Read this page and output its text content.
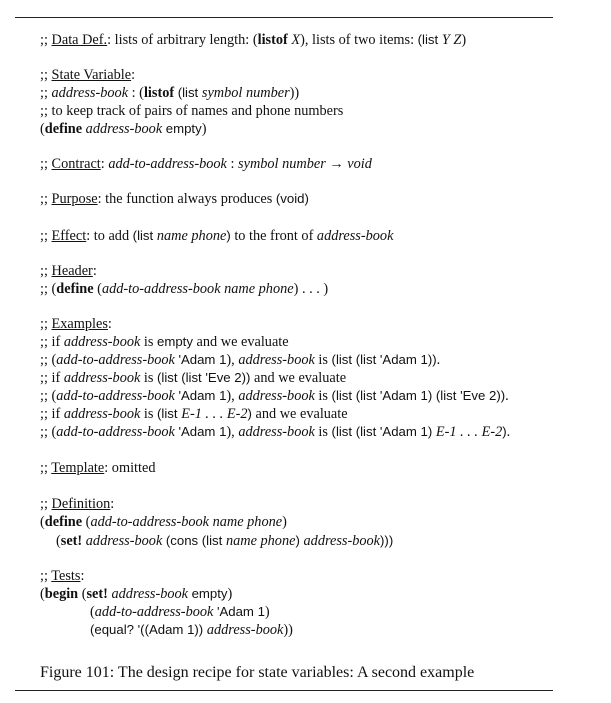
;; Data Def.: lists of arbitrary length: (listof X), lists of two items: (list Y Z)
;; State Variable:
;; address-book : (listof (list symbol number))
;; to keep track of pairs of names and phone numbers
(define address-book empty)
;; Contract: add-to-address-book : symbol number → void
;; Purpose: the function always produces (void)
;; Effect: to add (list name phone) to the front of address-book
;; Header:
;; (define (add-to-address-book name phone) . . . )
;; Examples:
;; if address-book is empty and we evaluate
;; (add-to-address-book 'Adam 1), address-book is (list (list 'Adam 1)).
;; if address-book is (list (list 'Eve 2)) and we evaluate
;; (add-to-address-book 'Adam 1), address-book is (list (list 'Adam 1) (list 'Eve 2)).
;; if address-book is (list E-1 . . . E-2) and we evaluate
;; (add-to-address-book 'Adam 1), address-book is (list (list 'Adam 1) E-1 . . . E-2).
;; Template: omitted
;; Definition:
(define (add-to-address-book name phone)
(set! address-book (cons (list name phone) address-book)))
;; Tests:
(begin (set! address-book empty)
(add-to-address-book 'Adam 1)
(equal? '((Adam 1)) address-book))
Figure 101: The design recipe for state variables: A second example
